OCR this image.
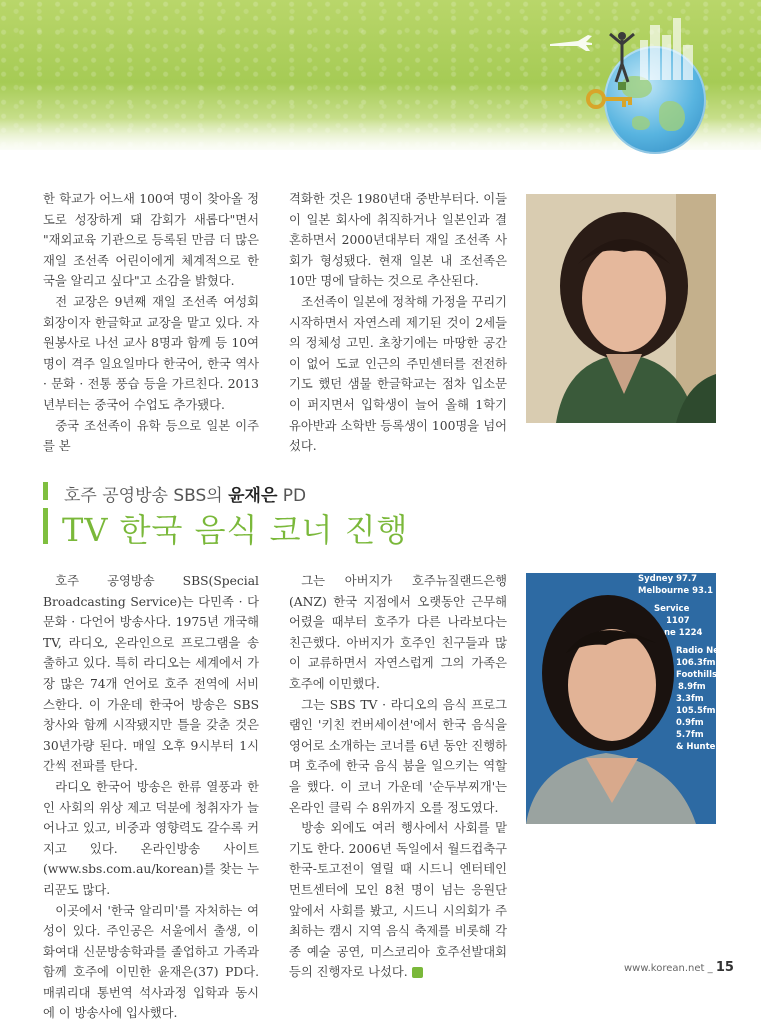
한 학교가 어느새 100여 명이 찾아올 정도로 성장하게 돼 감회가 새롭다"면서 "재외교육 기관으로 등록된 만큼 더 많은 재일 조선족 어린이에게 체계적으로 한국을 알리고 싶다"고 소감을 밝혔다.

전 교장은 9년째 재일 조선족 여성회 회장이자 한글학교 교장을 맡고 있다. 자원봉사로 나선 교사 8명과 함께 등 10여 명이 격주 일요일마다 한국어, 한국 역사 · 문화 · 전통 풍습 등을 가르친다. 2013년부터는 중국어 수업도 추가됐다.

중국 조선족이 유학 등으로 일본 이주를 본

격화한 것은 1980년대 중반부터다. 이들이 일본 회사에 취직하거나 일본인과 결혼하면서 2000년대부터 재일 조선족 사회가 형성됐다. 현재 일본 내 조선족은 10만 명에 달하는 것으로 추산된다.

조선족이 일본에 정착해 가정을 꾸리기 시작하면서 자연스레 제기된 것이 2세들의 정체성 고민. 초창기에는 마땅한 공간이 없어 도쿄 인근의 주민센터를 전전하기도 했던 샘물 한글학교는 점차 입소문이 퍼지면서 입학생이 늘어 올해 1학기 유아반과 소학반 등록생이 100명을 넘어섰다.

호주 공영방송 SBS의 윤재은 PD
TV 한국 음식 코너 진행

호주 공영방송 SBS(Special Broadcasting Service)는 다민족 · 다문화 · 다언어 방송사다. 1975년 개국해 TV, 라디오, 온라인으로 프로그램을 송출하고 있다. 특히 라디오는 세계에서 가장 많은 74개 언어로 호주 전역에 서비스한다. 이 가운데 한국어 방송은 SBS 창사와 함께 시작됐지만 틀을 갖춘 것은 30년가량 된다. 매일 오후 9시부터 1시간씩 전파를 탄다.

라디오 한국어 방송은 한류 열풍과 한인 사회의 위상 제고 덕분에 청취자가 늘어나고 있고, 비중과 영향력도 갈수록 커지고 있다. 온라인방송 사이트(www.sbs.com.au/korean)를 찾는 누리꾼도 많다.

이곳에서 '한국 알리미'를 자처하는 여성이 있다. 주인공은 서울에서 출생, 이화여대 신문방송학과를 졸업하고 가족과 함께 호주에 이민한 윤재은(37) PD다. 매쿼리대 통번역 석사과정 입학과 동시에 이 방송사에 입사했다.

그는 아버지가 호주뉴질랜드은행(ANZ) 한국 지점에서 오랫동안 근무해 어렸을 때부터 호주가 다른 나라보다는 친근했다. 아버지가 호주인 친구들과 많이 교류하면서 자연스럽게 그의 가족은 호주에 이민했다.

그는 SBS TV · 라디오의 음식 프로그램인 '키친 컨버세이션'에서 한국 음식을 영어로 소개하는 코너를 6년 동안 진행하며 호주에 한국 음식 붐을 일으키는 역할을 했다. 이 코너 가운데 '순두부찌개'는 온라인 클릭 수 8위까지 오를 정도였다.

방송 외에도 여러 행사에서 사회를 맡기도 한다. 2006년 독일에서 월드컵축구 한국-토고전이 열릴 때 시드니 엔터테인먼트센터에 모인 8천 명이 넘는 응원단 앞에서 사회를 봤고, 시드니 시의회가 주최하는 캠시 지역 음식 축제를 비롯해 각종 예술 공연, 미스코리아 호주선발대회 등의 진행자로 나섰다.

Sydney 97.7
Melbourne 93.1
Service
1107
ne 1224
Radio Ne
106.3fm
Foothills 9
8.9fm
3.3fm
105.5fm
0.9fm
5.7fm
& Hunter
www.korean.net _ 15
